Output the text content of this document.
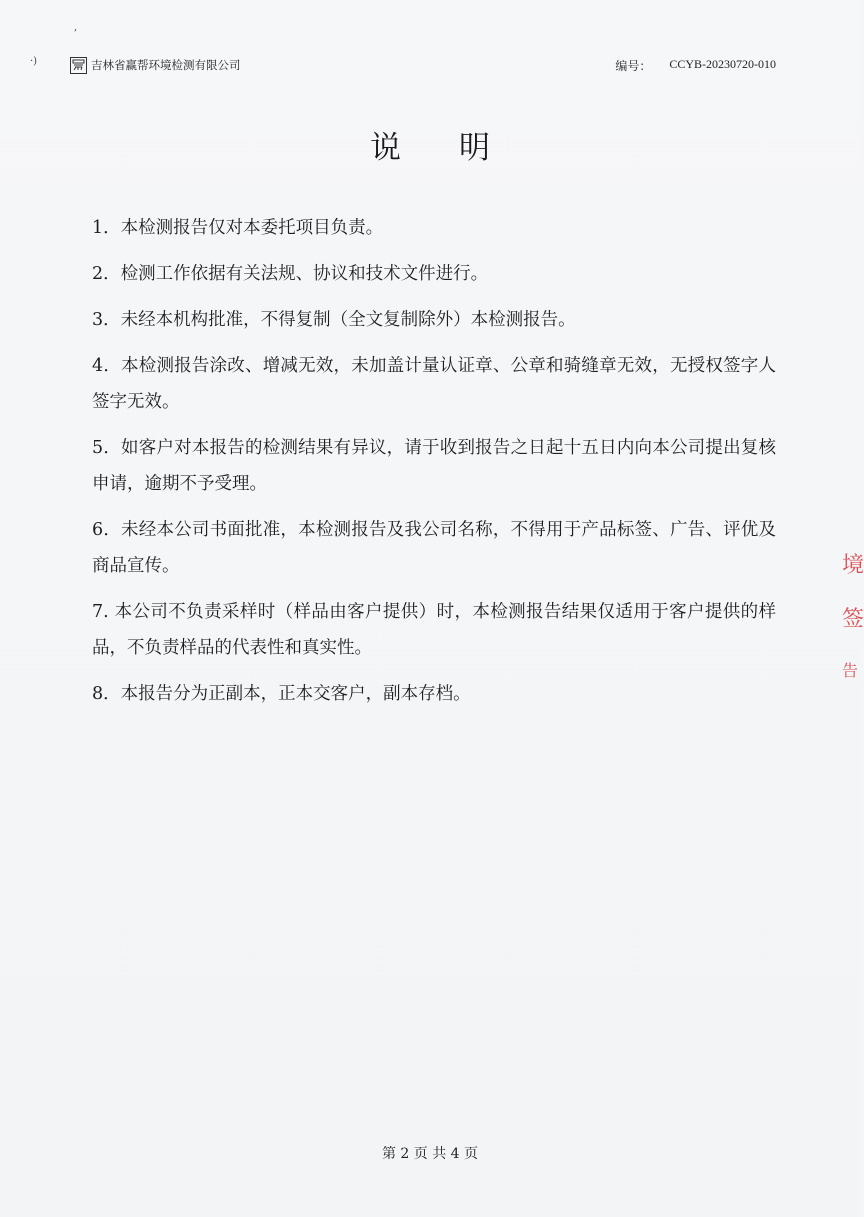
·)
,
吉林省赢帮环境检测有限公司	编号： CCYB-20230720-010
说明

1．本检测报告仅对本委托项目负责。

2．检测工作依据有关法规、协议和技术文件进行。

3．未经本机构批准，不得复制（全文复制除外）本检测报告。

4．本检测报告涂改、增减无效，未加盖计量认证章、公章和骑缝章无效，无授权签字人签字无效。

5．如客户对本报告的检测结果有异议，请于收到报告之日起十五日内向本公司提出复核申请，逾期不予受理。

6．未经本公司书面批准，本检测报告及我公司名称，不得用于产品标签、广告、评优及商品宣传。

7. 本公司不负责采样时（样品由客户提供）时，本检测报告结果仅适用于客户提供的样品，不负责样品的代表性和真实性。

8．本报告分为正副本，正本交客户，副本存档。

境
签
告
第 2 页 共 4 页
